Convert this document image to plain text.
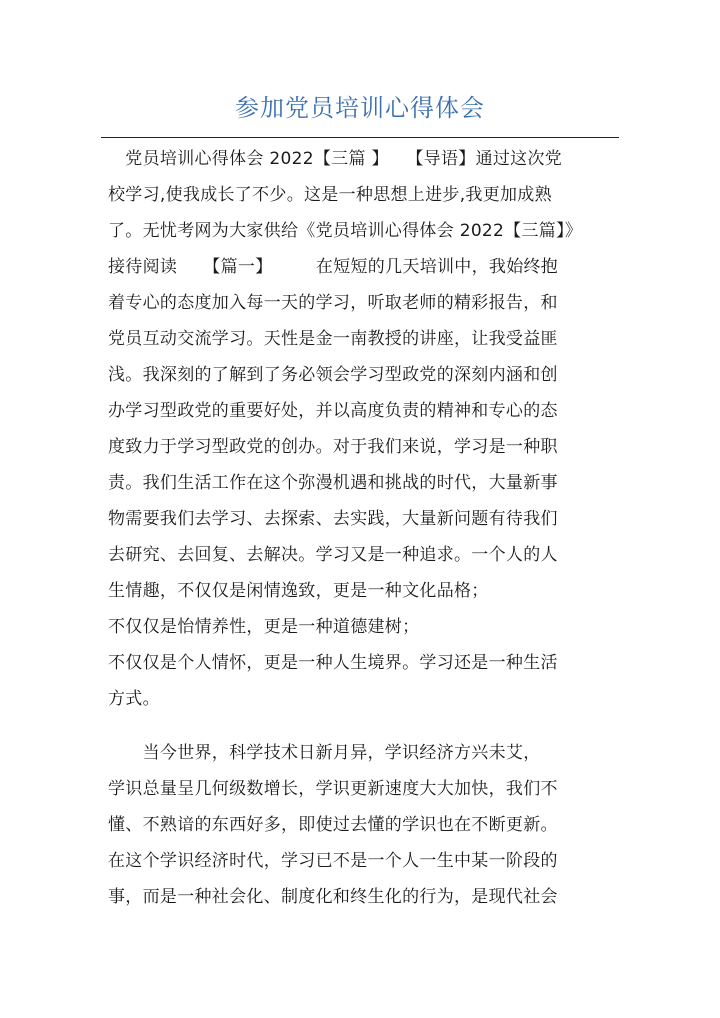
参加党员培训心得体会
　党员培训心得体会 2022【三篇 】　　【导语】通过这次党
校学习,使我成长了不少。这是一种思想上进步,我更加成熟
了。无忧考网为大家供给《党员培训心得体会 2022【三篇】》
接待阅读　　【篇一】　　　在短短的几天培训中，我始终抱
着专心的态度加入每一天的学习，听取老师的精彩报告，和
党员互动交流学习。天性是金一南教授的讲座，让我受益匪
浅。我深刻的了解到了务必领会学习型政党的深刻内涵和创
办学习型政党的重要好处，并以高度负责的精神和专心的态
度致力于学习型政党的创办。对于我们来说，学习是一种职
责。我们生活工作在这个弥漫机遇和挑战的时代，大量新事
物需要我们去学习、去探索、去实践，大量新问题有待我们
去研究、去回复、去解决。学习又是一种追求。一个人的人
生情趣，不仅仅是闲情逸致，更是一种文化品格；
不仅仅是怡情养性，更是一种道德建树；
不仅仅是个人情怀，更是一种人生境界。学习还是一种生活
方式。
　　当今世界，科学技术日新月异，学识经济方兴未艾，
学识总量呈几何级数增长，学识更新速度大大加快，我们不
懂、不熟谙的东西好多，即使过去懂的学识也在不断更新。
在这个学识经济时代，学习已不是一个人一生中某一阶段的
事，而是一种社会化、制度化和终生化的行为，是现代社会
